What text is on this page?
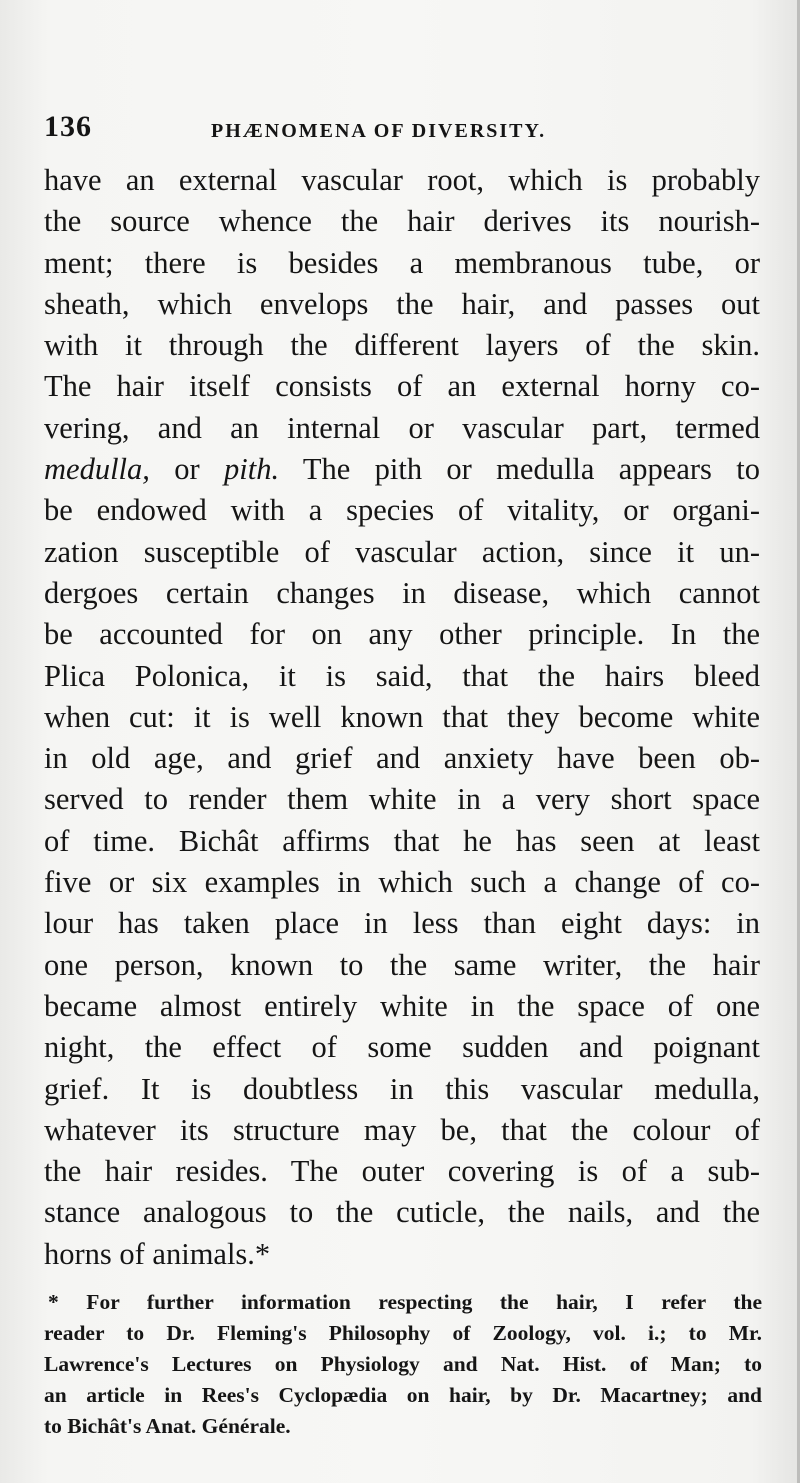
136	PHÆNOMENA OF DIVERSITY.
have an external vascular root, which is probably
the source whence the hair derives its nourish-
ment; there is besides a membranous tube, or
sheath, which envelops the hair, and passes out
with it through the different layers of the skin.
The hair itself consists of an external horny co-
vering, and an internal or vascular part, termed
medulla, or pith. The pith or medulla appears to
be endowed with a species of vitality, or organi-
zation susceptible of vascular action, since it un-
dergoes certain changes in disease, which cannot
be accounted for on any other principle. In the
Plica Polonica, it is said, that the hairs bleed
when cut: it is well known that they become white
in old age, and grief and anxiety have been ob-
served to render them white in a very short space
of time. Bichât affirms that he has seen at least
five or six examples in which such a change of co-
lour has taken place in less than eight days: in
one person, known to the same writer, the hair
became almost entirely white in the space of one
night, the effect of some sudden and poignant
grief. It is doubtless in this vascular medulla,
whatever its structure may be, that the colour of
the hair resides. The outer covering is of a sub-
stance analogous to the cuticle, the nails, and the
horns of animals.*
* For further information respecting the hair, I refer the
reader to Dr. Fleming's Philosophy of Zoology, vol. i.; to Mr.
Lawrence's Lectures on Physiology and Nat. Hist. of Man; to
an article in Rees's Cyclopædia on hair, by Dr. Macartney; and
to Bichât's Anat. Générale.
